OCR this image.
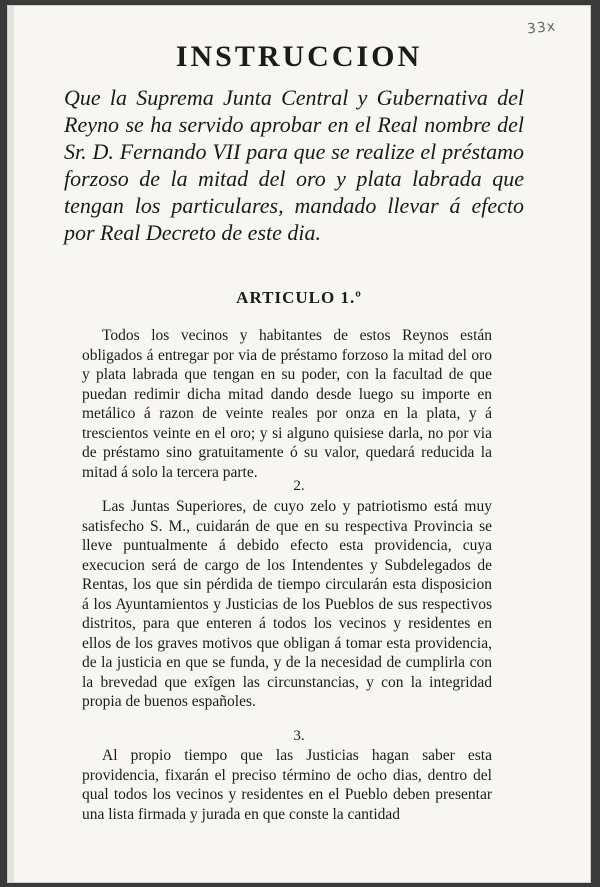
33x
INSTRUCCION
Que la Suprema Junta Central y Gubernativa del Reyno se ha servido aprobar en el Real nombre del Sr. D. Fernando VII para que se realize el préstamo forzoso de la mitad del oro y plata labrada que tengan los particulares, mandado llevar á efecto por Real Decreto de este dia.
ARTICULO 1.º

Todos los vecinos y habitantes de estos Reynos están obligados á entregar por via de préstamo forzoso la mitad del oro y plata labrada que tengan en su poder, con la facultad de que puedan redimir dicha mitad dando desde luego su importe en metálico á razon de veinte reales por onza en la plata, y á trescientos veinte en el oro; y si alguno quisiese darla, no por via de préstamo sino gratuitamente ó su valor, quedará reducida la mitad á solo la tercera parte.

2.

Las Juntas Superiores, de cuyo zelo y patriotismo está muy satisfecho S. M., cuidarán de que en su respectiva Provincia se lleve puntualmente á debido efecto esta providencia, cuya execucion será de cargo de los Intendentes y Subdelegados de Rentas, los que sin pérdida de tiempo circularán esta disposicion á los Ayuntamientos y Justicias de los Pueblos de sus respectivos distritos, para que enteren á todos los vecinos y residentes en ellos de los graves motivos que obligan á tomar esta providencia, de la justicia en que se funda, y de la necesidad de cumplirla con la brevedad que exîgen las circunstancias, y con la integridad propia de buenos españoles.

3.

Al propio tiempo que las Justicias hagan saber esta providencia, fixarán el preciso término de ocho dias, dentro del qual todos los vecinos y residentes en el Pueblo deben presentar una lista firmada y jurada en que conste la cantidad
